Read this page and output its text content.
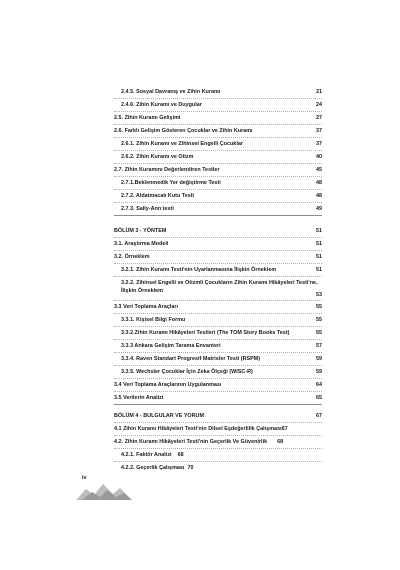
2.4.5. Sosyal Davranış ve Zihin Kuramı	21
2.4.6. Zihin Kuramı ve Duygular	24
2.5. Zihin Kuramı Gelişimi	27
2.6. Farklı Gelişim Gösteren Çocuklar ve Zihin Kuramı	37
2.6.1. Zihin Kuramı ve Zihinsel Engelli Çocuklar	37
2.6.2. Zihin Kuramı ve Otizm	40
2.7. Zihin Kuramını Değerlendiren Testler	45
2.7.1.Beklenmedik Yer değiştirme Testi	48
2.7.2. Aldatmacalı Kutu Testi	48
2.7.3. Sally-Ann testi	49
BÖLÜM 3 - YÖNTEM	51
3.1. Araştırma Modeli	51
3.2. Örneklem	51
3.2.1. Zihin Kuramı Testi'nin Uyarlanmasına İlişkin Örneklem	51
3.2.2. Zihinsel Engelli ve Otizmli Çocukların Zihin Kuramı Hikâyeleri Testi'ne, İlişkin Örneklem
53
3.3 Veri Toplama Araçları	55
3.3.1. Kişisel Bilgi Formu	55
3.3.2.Zihin Kuramı Hikâyeleri Testleri (The TOM Story Books Test)	55
3.3.3 Ankara Gelişim Tarama Envanteri	57
3.3.4. Raven Standart Progresif Matrisler Testi (RSPM)	59
3.3.5. Wechsler Çocuklar İçin Zeka Ölçeği (WISC-R)	59
3.4 Veri Toplama Araçlarının Uygulanması	64
3.5 Verilerin Analizi	65
BÖLÜM 4 - BULGULAR VE YORUM	67
4.1 Zihin Kuramı Hikâyeleri Testi'nin Dilsel Eşdeğerlilik Çalışması67
4.2. Zihin Kuramı Hikâyeleri Testi'nin Geçerlik Ve Güvenirlik 68
4.2.1. Faktör Analizi 68
4.2.2. Geçerlik Çalışması 70
iv
